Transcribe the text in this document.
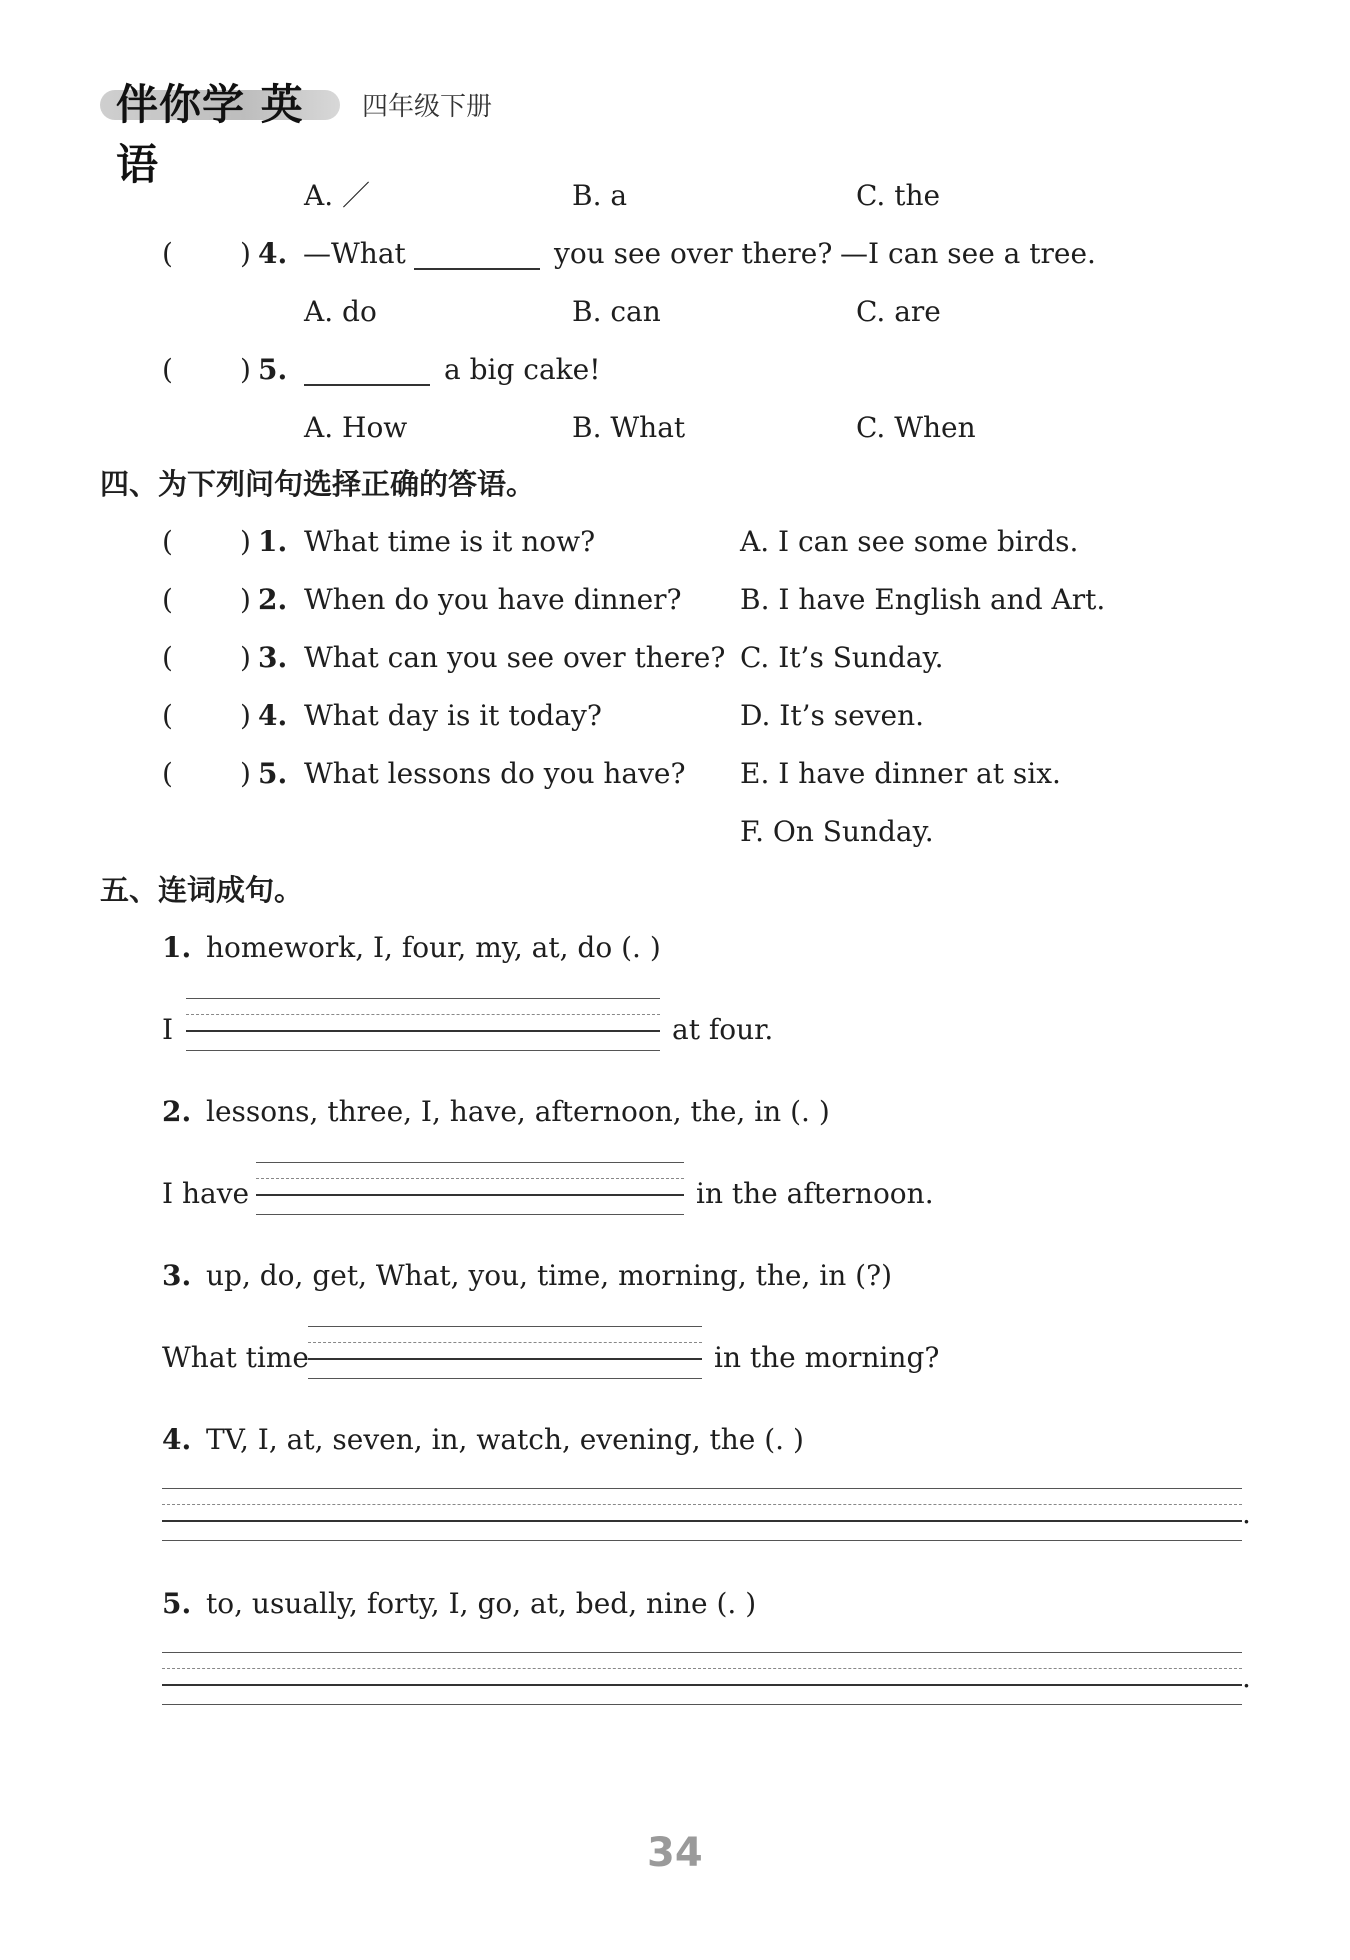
伴你学 英语
四年级下册
A. ／	B. a	C. the
( ) 4. —What	you see over there? —I can see a tree.
A. do	B. can	C. are
( ) 5.	a big cake!
A. How	B. What	C. When
四、为下列问句选择正确的答语。
( ) 1. What time is it now?
( ) 2. When do you have dinner?
( ) 3. What can you see over there?
( ) 4. What day is it today?
( ) 5. What lessons do you have?
A. I can see some birds.
B. I have English and Art.
C. It’s Sunday.
D. It’s seven.
E. I have dinner at six.
F. On Sunday.
五、连词成句。
1. homework, I, four, my, at, do (. )
I	at four.
2. lessons, three, I, have, afternoon, the, in (. )
I have	in the afternoon.
3. up, do, get, What, you, time, morning, the, in (?)
What time	in the morning?
4. TV, I, at, seven, in, watch, evening, the (. )
.
5. to, usually, forty, I, go, at, bed, nine (. )
.
34
